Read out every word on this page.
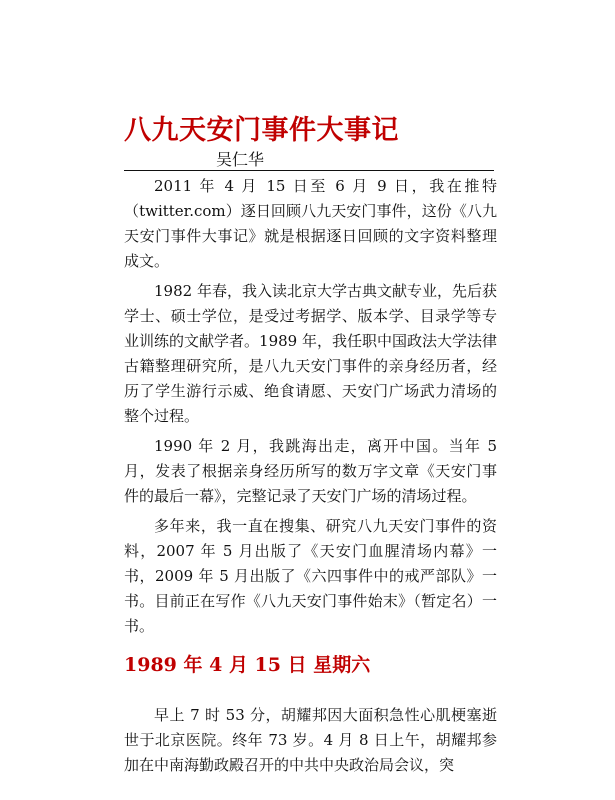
八九天安门事件大事记
吴仁华

2011 年 4 月 15 日至 6 月 9 日，我在推特（twitter.com）逐日回顾八九天安门事件，这份《八九天安门事件大事记》就是根据逐日回顾的文字资料整理成文。

1982 年春，我入读北京大学古典文献专业，先后获学士、硕士学位，是受过考据学、版本学、目录学等专业训练的文献学者。1989 年，我任职中国政法大学法律古籍整理研究所，是八九天安门事件的亲身经历者，经历了学生游行示威、绝食请愿、天安门广场武力清场的整个过程。

1990 年 2 月，我跳海出走，离开中国。当年 5 月，发表了根据亲身经历所写的数万字文章《天安门事件的最后一幕》，完整记录了天安门广场的清场过程。

多年来，我一直在搜集、研究八九天安门事件的资料，2007 年 5 月出版了《天安门血腥清场内幕》一书，2009 年 5 月出版了《六四事件中的戒严部队》一书。目前正在写作《八九天安门事件始末》（暂定名）一书。

1989 年 4 月 15 日 星期六

早上 7 时 53 分，胡耀邦因大面积急性心肌梗塞逝世于北京医院。终年 73 岁。4 月 8 日上午，胡耀邦参加在中南海勤政殿召开的中共中央政治局会议，突
